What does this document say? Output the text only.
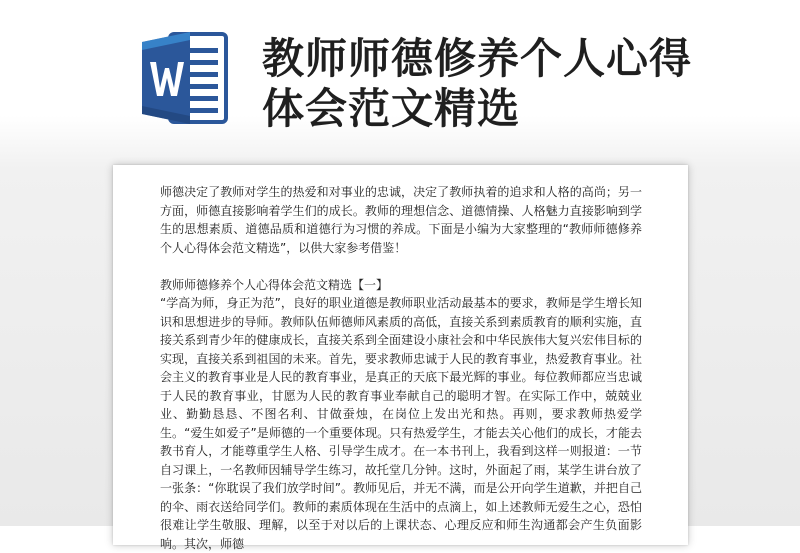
教师师德修养个人心得体会范文精选

师德决定了教师对学生的热爱和对事业的忠诚，决定了教师执着的追求和人格的高尚；另一方面，师德直接影响着学生们的成长。教师的理想信念、道德情操、人格魅力直接影响到学生的思想素质、道德品质和道德行为习惯的养成。下面是小编为大家整理的“教师师德修养个人心得体会范文精选”，以供大家参考借鉴！

教师师德修养个人心得体会范文精选【一】

“学高为师，身正为范”，良好的职业道德是教师职业活动最基本的要求，教师是学生增长知识和思想进步的导师。教师队伍师德师风素质的高低，直接关系到素质教育的顺利实施，直接关系到青少年的健康成长，直接关系到全面建设小康社会和中华民族伟大复兴宏伟目标的实现，直接关系到祖国的未来。首先，要求教师忠诚于人民的教育事业，热爱教育事业。社会主义的教育事业是人民的教育事业，是真正的天底下最光辉的事业。每位教师都应当忠诚于人民的教育事业，甘愿为人民的教育事业奉献自己的聪明才智。在实际工作中，兢兢业业、勤勤恳恳、不图名利、甘做蚕烛，在岗位上发出光和热。再则，要求教师热爱学生。“爱生如爱子”是师德的一个重要体现。只有热爱学生，才能去关心他们的成长，才能去教书育人，才能尊重学生人格、引导学生成才。在一本书刊上，我看到这样一则报道：一节自习课上，一名教师因辅导学生练习，故托堂几分钟。这时，外面起了雨，某学生讲台放了一张条：“你耽误了我们放学时间”。教师见后，并无不满，而是公开向学生道歉，并把自己的伞、雨衣送给同学们。教师的素质体现在生活中的点滴上，如上述教师无爱生之心，恐怕很难让学生敬服、理解，以至于对以后的上课状态、心理反应和师生沟通都会产生负面影响。其次，师德
